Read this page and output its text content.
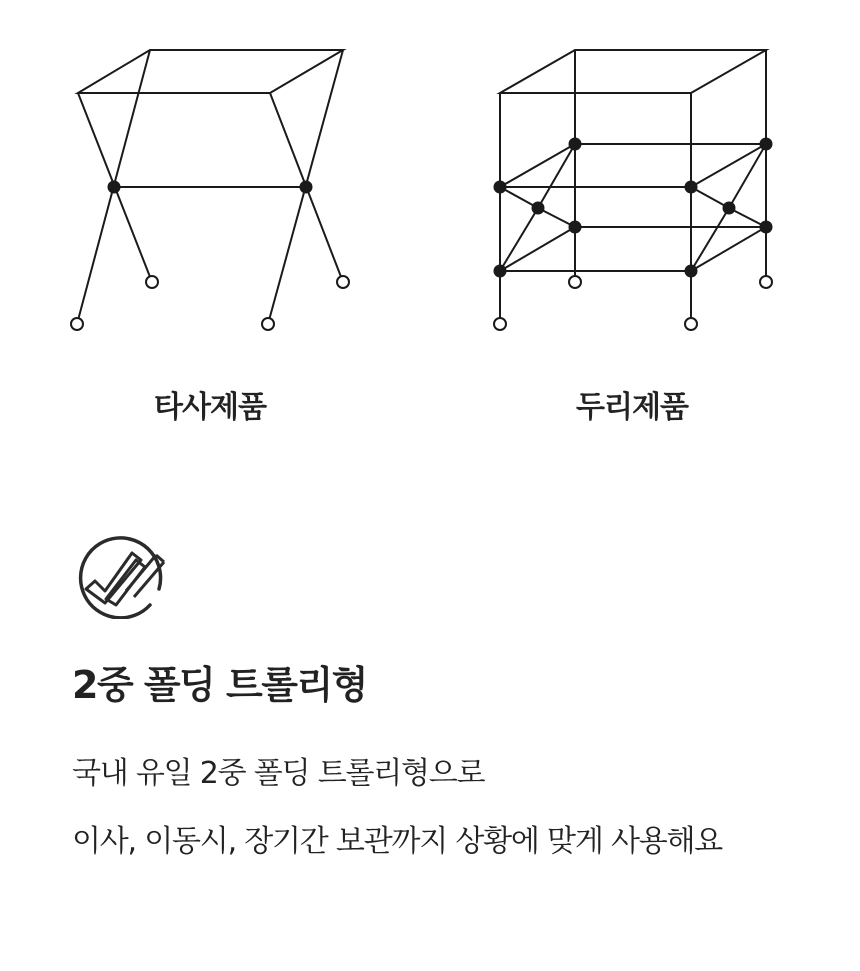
타사제품	두리제품
2중 폴딩 트롤리형

국내 유일 2중 폴딩 트롤리형으로

이사, 이동시, 장기간 보관까지 상황에 맞게 사용해요
